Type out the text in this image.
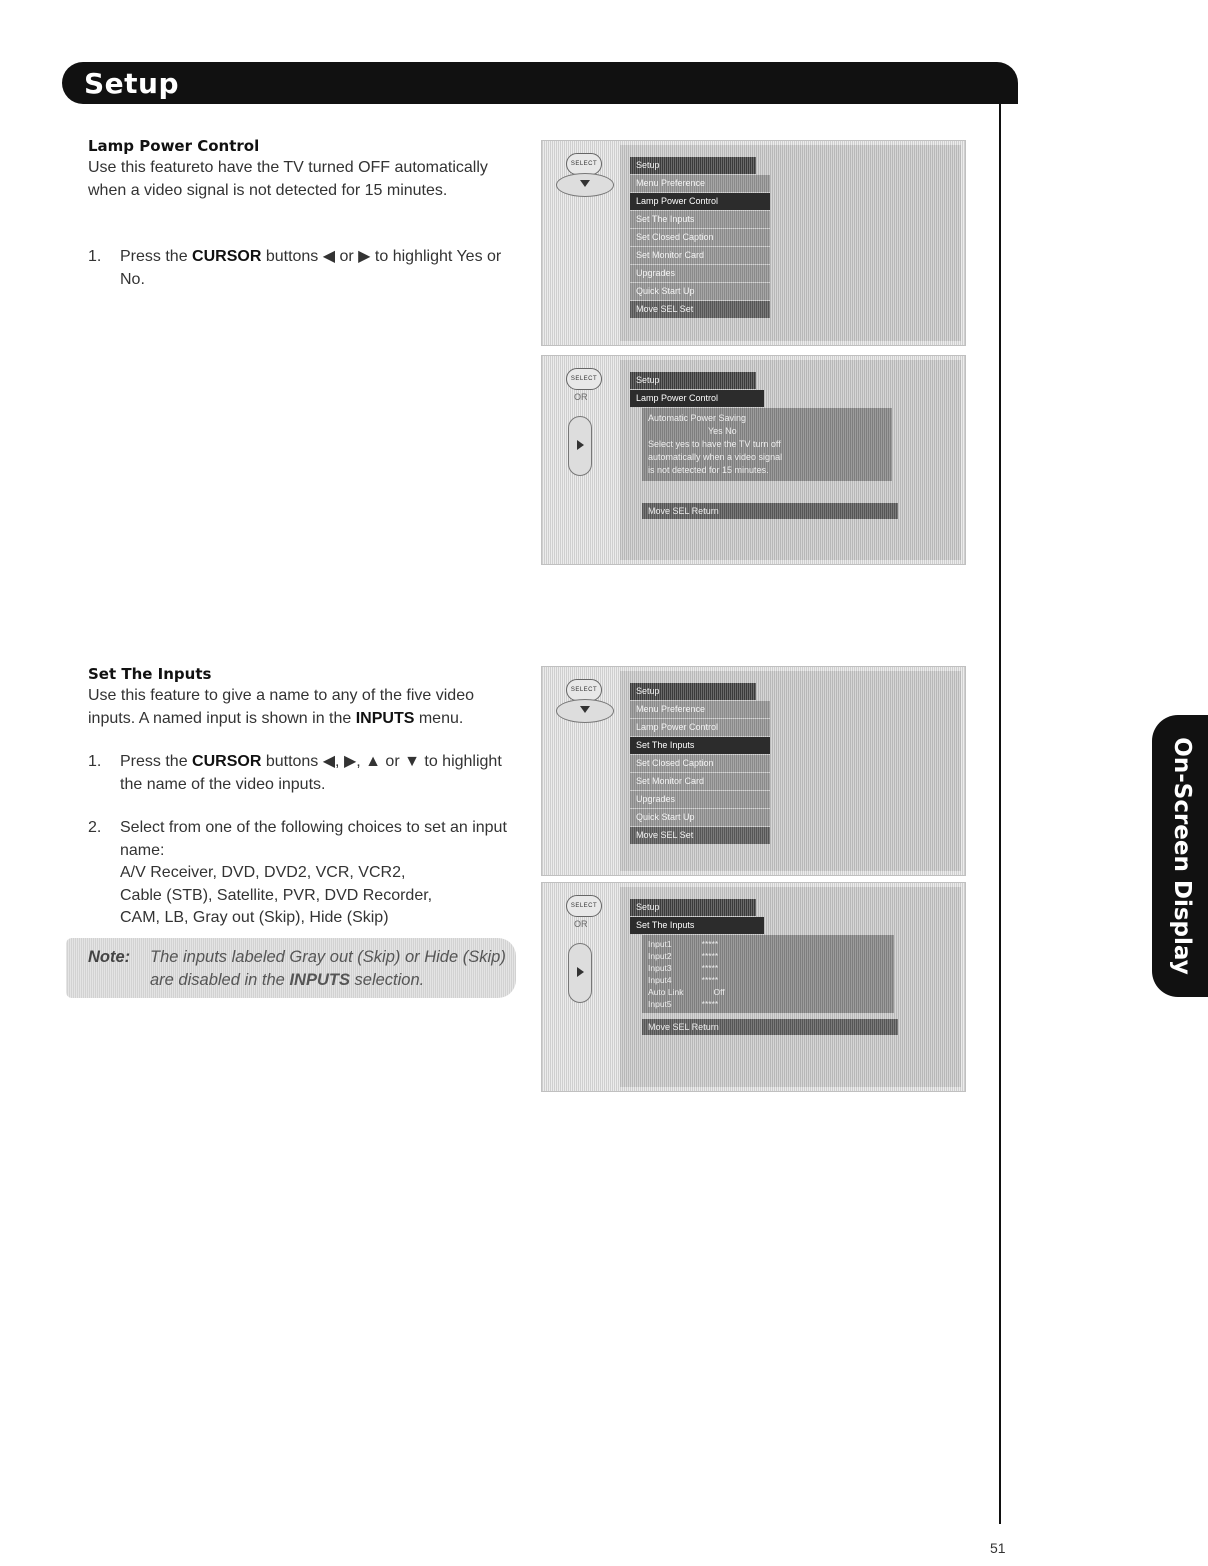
Setup
On-Screen Display
Lamp Power Control
Use this featureto have the TV turned OFF automatically when a video signal is not detected for 15 minutes.
1. Press the CURSOR buttons ◀ or ▶ to highlight Yes or No.
SELECT	Setup
Menu Preference
Lamp Power Control
Set The Inputs
Set Closed Caption
Set Monitor Card
Upgrades
Quick Start Up
Move SEL Set
SELECT
OR
Setup
Lamp Power Control
Automatic Power Saving
Yes No
Select yes to have the TV turn off
automatically when a video signal
is not detected for 15 minutes.
Move SEL Return
Set The Inputs
Use this feature to give a name to any of the five video inputs. A named input is shown in the INPUTS menu.
1. Press the CURSOR buttons ◀, ▶, ▲ or ▼ to highlight the name of the video inputs.
2. Select from one of the following choices to set an input name:
A/V Receiver, DVD, DVD2, VCR, VCR2,
Cable (STB), Satellite, PVR, DVD Recorder,
CAM, LB, Gray out (Skip), Hide (Skip)
Note: The inputs labeled Gray out (Skip) or Hide (Skip) are disabled in the INPUTS selection.
SELECT	Setup
Menu Preference
Lamp Power Control
Set The Inputs
Set Closed Caption
Set Monitor Card
Upgrades
Quick Start Up
Move SEL Set
SELECT
OR
Setup
Set The Inputs
Input1	*****
Input2	*****
Input3	*****
Input4	*****
Auto Link	Off
Input5	*****
Move SEL Return
51
